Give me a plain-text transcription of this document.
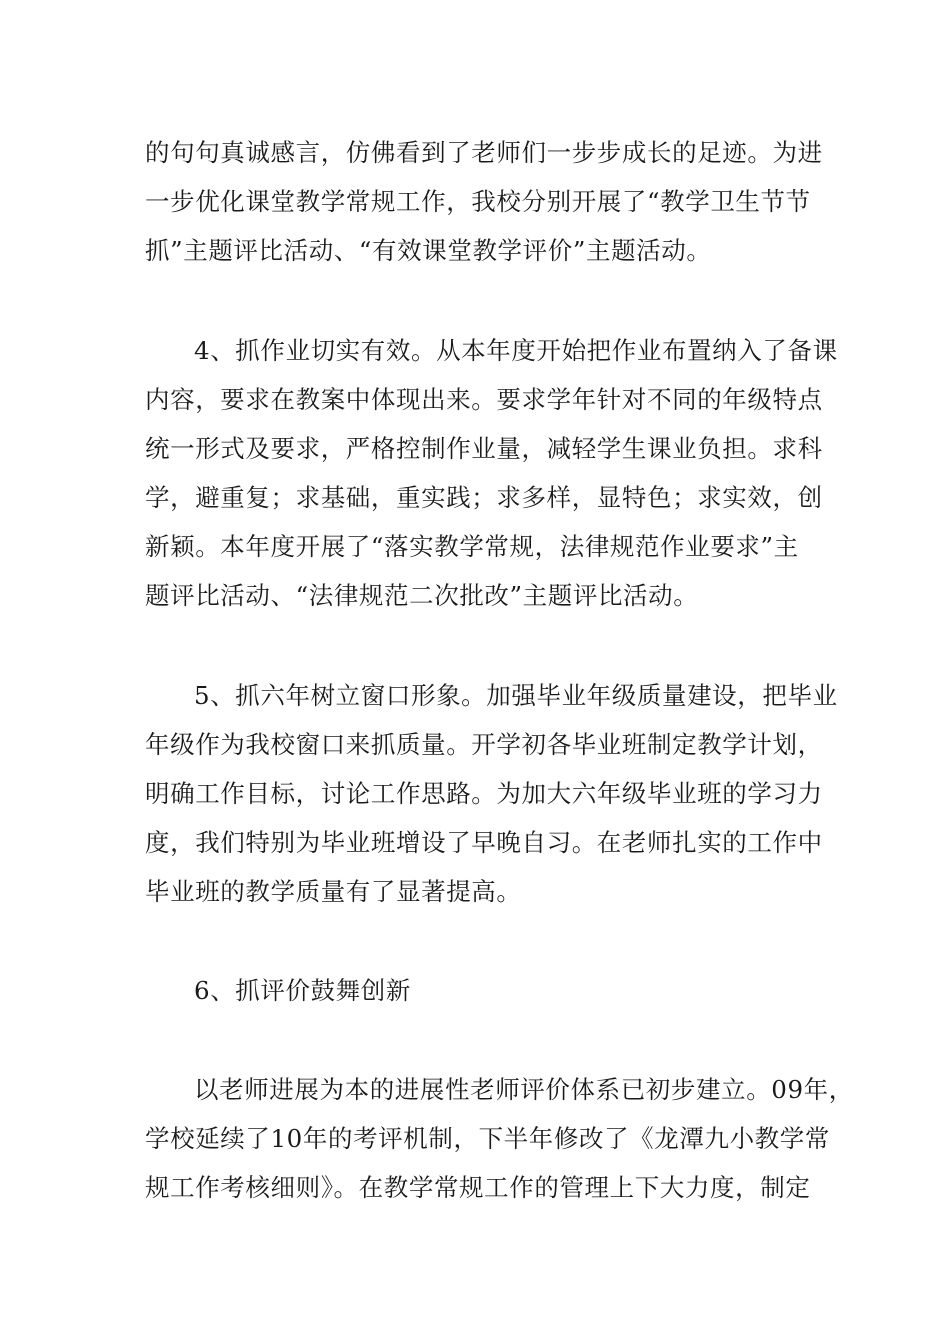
的句句真诚感言，仿佛看到了老师们一步步成长的足迹。为进
一步优化课堂教学常规工作，我校分别开展了“教学卫生节节
抓”主题评比活动、“有效课堂教学评价”主题活动。

4、抓作业切实有效。从本年度开始把作业布置纳入了备课
内容，要求在教案中体现出来。要求学年针对不同的年级特点
统一形式及要求，严格控制作业量，减轻学生课业负担。求科
学，避重复；求基础，重实践；求多样，显特色；求实效，创
新颖。本年度开展了“落实教学常规，法律规范作业要求”主
题评比活动、“法律规范二次批改”主题评比活动。

5、抓六年树立窗口形象。加强毕业年级质量建设，把毕业
年级作为我校窗口来抓质量。开学初各毕业班制定教学计划，
明确工作目标，讨论工作思路。为加大六年级毕业班的学习力
度，我们特别为毕业班增设了早晚自习。在老师扎实的工作中
毕业班的教学质量有了显著提高。

6、抓评价鼓舞创新

以老师进展为本的进展性老师评价体系已初步建立。09年，
学校延续了10年的考评机制，下半年修改了《龙潭九小教学常
规工作考核细则》。在教学常规工作的管理上下大力度，制定
